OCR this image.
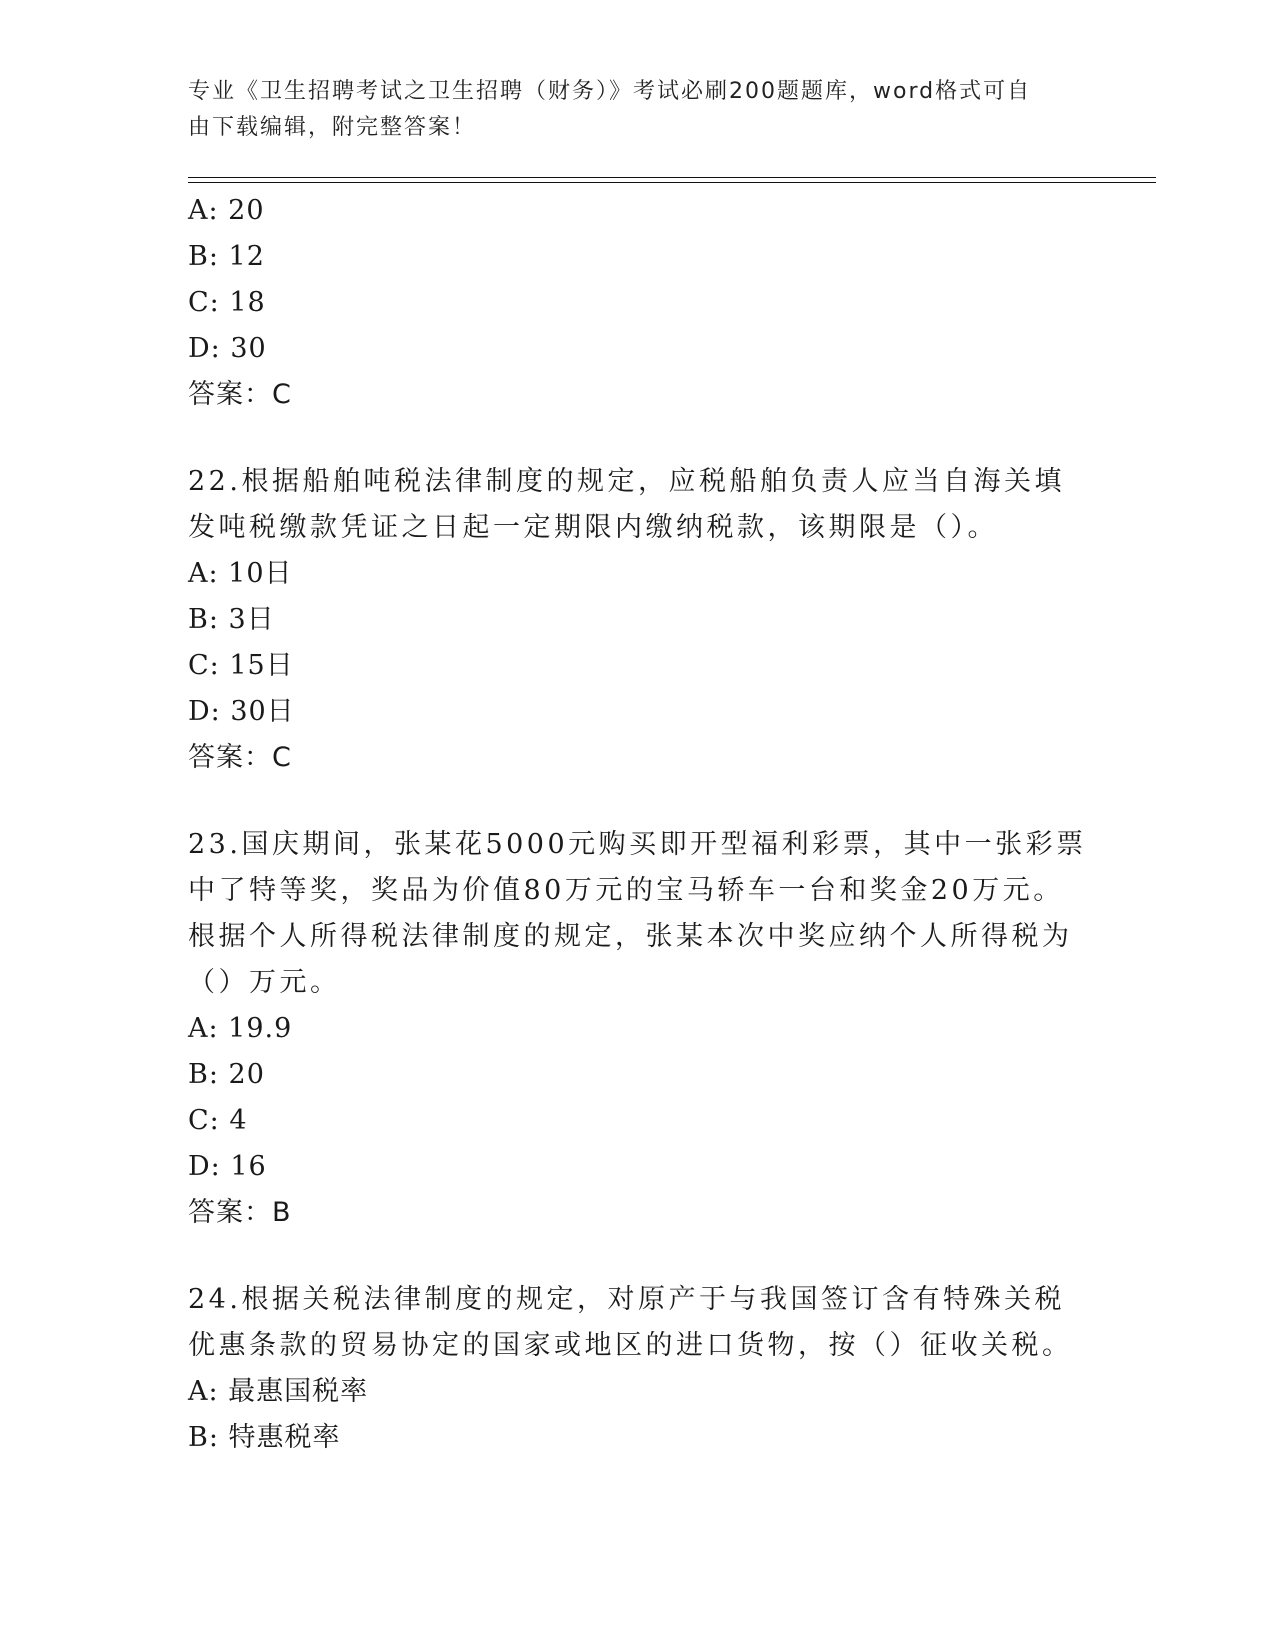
专业《卫生招聘考试之卫生招聘（财务）》考试必刷200题题库，word格式可自
由下载编辑，附完整答案！
A: 20
B: 12
C: 18
D: 30
答案：C
22.根据船舶吨税法律制度的规定，应税船舶负责人应当自海关填发吨税缴款凭证之日起一定期限内缴纳税款，该期限是（）。
A: 10日
B: 3日
C: 15日
D: 30日
答案：C
23.国庆期间，张某花5000元购买即开型福利彩票，其中一张彩票中了特等奖，奖品为价值80万元的宝马轿车一台和奖金20万元。根据个人所得税法律制度的规定，张某本次中奖应纳个人所得税为（）万元。
A: 19.9
B: 20
C: 4
D: 16
答案：B
24.根据关税法律制度的规定，对原产于与我国签订含有特殊关税优惠条款的贸易协定的国家或地区的进口货物，按（）征收关税。
A: 最惠国税率
B: 特惠税率
